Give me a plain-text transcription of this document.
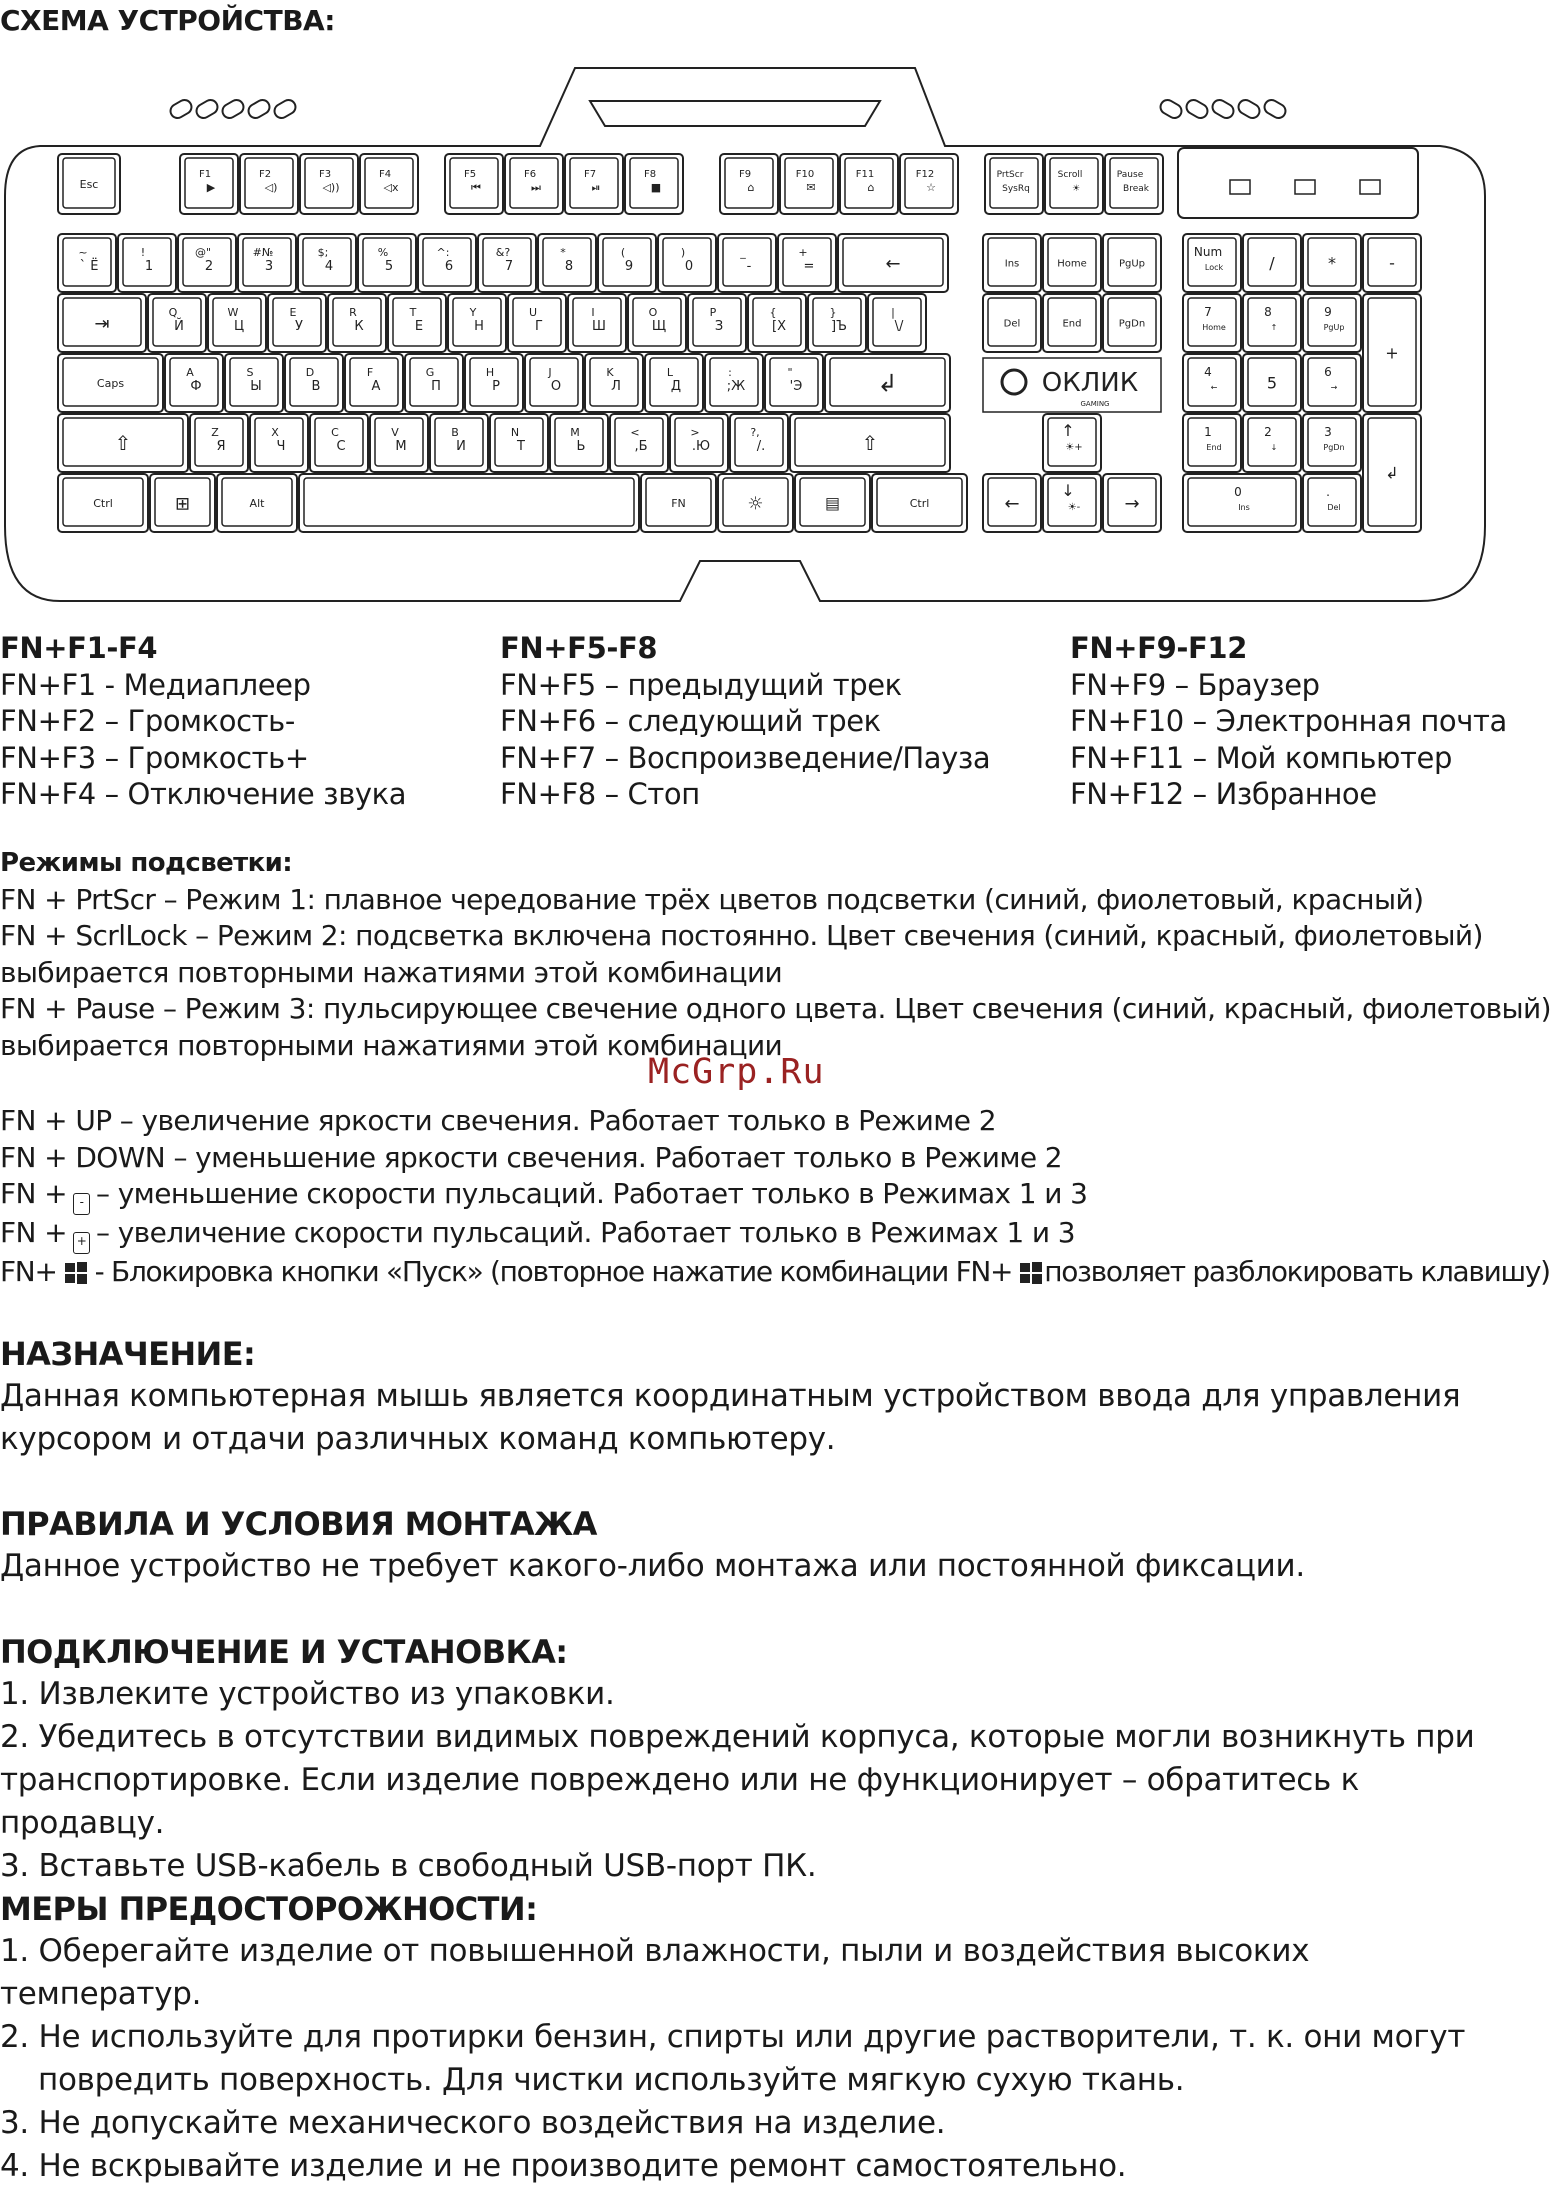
СХЕМА УСТРОЙСТВА:
Esc
F1
▶
F2
◁)
F3
◁))
F4
◁x
F5
⏮
F6
⏭
F7
⏯
F8
■
F9
⌂
F10
✉
F11
⌂
F12
☆
PrtScr
SysRq
Scroll
☀
Pause
Break
~
` Ё
!
1
@"
2
#№
3
$;
4
%
5
^:
6
&?
7
*
8
(
9
)
0
_
-
+
=	←
⇥
Q
Й
W
Ц
E
У
R
К
T
Е
Y
Н
U
Г
I
Ш
O
Щ
P
З
{
[Х
}
]Ъ
|
\/
Caps
A
Ф
S
Ы
D
В
F
А
G
П
H
Р
J
О
K
Л
L
Д
:
;Ж
"
'Э	↲
⇧	Z
Я
X
Ч
C
С
V
М
B
И
N
Т
M
Ь
<
,Б
>
.Ю
?,
/.	⇧
Ctrl	⊞	Alt	FN	☼	▤	Ctrl
Ins	Home	PgUp
Del	End	PgDn
ОКЛИК
GAMING
↑
☀+
←
↓
☀- →
Num
Lock	/	*	-
7
Home
8
↑
9
PgUp
+
4
←	5
6
→
1
End
2
↓
3
PgDn
↲
0
Ins
.
Del
FN+F1-F4
FN+F1 - Медиаплеер
FN+F2 – Громкость-
FN+F3 – Громкость+
FN+F4 – Отключение звука
FN+F5-F8
FN+F5 – предыдущий трек
FN+F6 – следующий трек
FN+F7 – Воспроизведение/Пауза
FN+F8 – Стоп
FN+F9-F12
FN+F9 – Браузер
FN+F10 – Электронная почта
FN+F11 – Мой компьютер
FN+F12 – Избранное
Режимы подсветки:
FN + PrtScr – Режим 1: плавное чередование трёх цветов подсветки (синий, фиолетовый, красный)
FN + ScrlLock – Режим 2: подсветка включена постоянно. Цвет свечения (синий, красный, фиолетовый)
выбирается повторными нажатиями этой комбинации
FN + Pause – Режим 3: пульсирующее свечение одного цвета. Цвет свечения (синий, красный, фиолетовый)
выбирается повторными нажатиями этой комбинации
McGrp.Ru
FN + UP – увеличение яркости свечения. Работает только в Режиме 2
FN + DOWN – уменьшение яркости свечения. Работает только в Режиме 2
FN + - – уменьшение скорости пульсаций. Работает только в Режимах 1 и 3
FN + + – увеличение скорости пульсаций. Работает только в Режимах 1 и 3
FN+ - Блокировка кнопки «Пуск» (повторное нажатие комбинации FN+ позволяет разблокировать клавишу)
НАЗНАЧЕНИЕ:
Данная компьютерная мышь является координатным устройством ввода для управления
курсором и отдачи различных команд компьютеру.
ПРАВИЛА И УСЛОВИЯ МОНТАЖА
Данное устройство не требует какого-либо монтажа или постоянной фиксации.
ПОДКЛЮЧЕНИЕ И УСТАНОВКА:
1. Извлеките устройство из упаковки.
2. Убедитесь в отсутствии видимых повреждений корпуса, которые могли возникнуть при
транспортировке. Если изделие повреждено или не функционирует – обратитесь к продавцу.
3. Вставьте USB-кабель в свободный USB-порт ПК.
МЕРЫ ПРЕДОСТОРОЖНОСТИ:
1. Оберегайте изделие от повышенной влажности, пыли и воздействия высоких температур.
2. Не используйте для протирки бензин, спирты или другие растворители, т. к. они могут
повредить поверхность. Для чистки используйте мягкую сухую ткань.
3. Не допускайте механического воздействия на изделие.
4. Не вскрывайте изделие и не производите ремонт самостоятельно.
